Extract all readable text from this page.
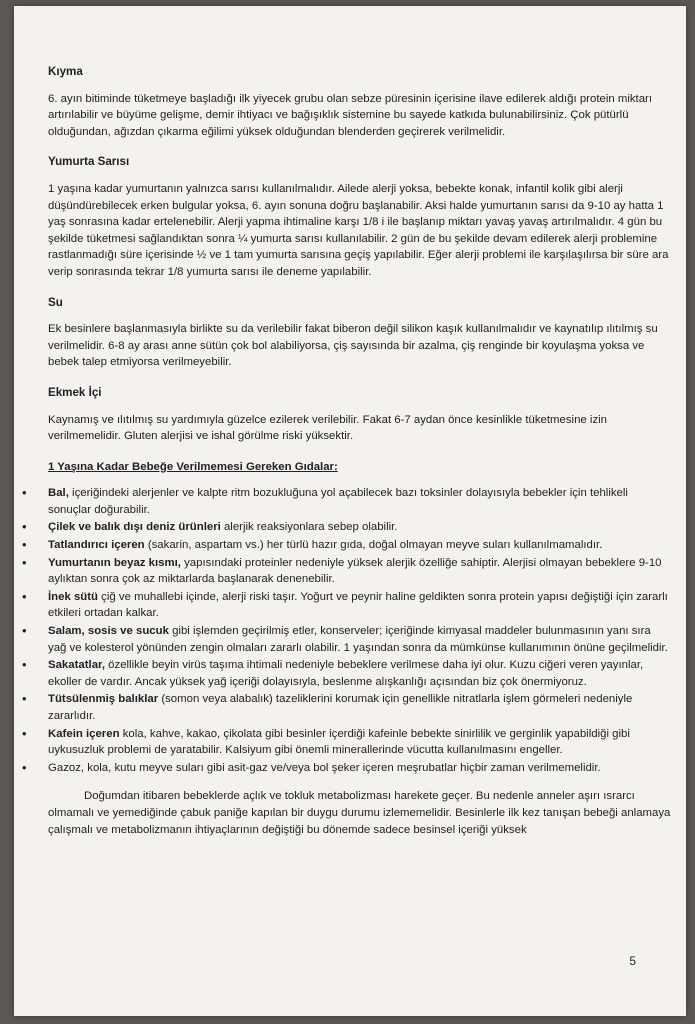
Kıyma

6. ayın bitiminde tüketmeye başladığı ilk yiyecek grubu olan sebze püresinin içerisine ilave edilerek aldığı protein miktarı artırılabilir ve büyüme gelişme, demir ihtiyacı ve bağışıklık sistemine bu sayede katkıda bulunabilirsiniz. Çok pütürlü olduğundan, ağızdan çıkarma eğilimi yüksek olduğundan blenderden geçirerek verilmelidir.

Yumurta Sarısı

1 yaşına kadar yumurtanın yalnızca sarısı kullanılmalıdır. Ailede alerji yoksa, bebekte konak, infantil kolik gibi alerji düşündürebilecek erken bulgular yoksa, 6. ayın sonuna doğru başlanabilir. Aksi halde yumurtanın sarısı da 9-10 ay hatta 1 yaş sonrasına kadar ertelenebilir. Alerji yapma ihtimaline karşı 1/8 i ile başlanıp miktarı yavaş yavaş artırılmalıdır. 4 gün bu şekilde tüketmesi sağlandıktan sonra ¼ yumurta sarısı kullanılabilir. 2 gün de bu şekilde devam edilerek alerji problemine rastlanmadığı süre içerisinde ½ ve 1 tam yumurta sarısına geçiş yapılabilir. Eğer alerji problemi ile karşılaşılırsa bir süre ara verip sonrasında tekrar 1/8 yumurta sarısı ile deneme yapılabilir.

Su

Ek besinlere başlanmasıyla birlikte su da verilebilir fakat biberon değil silikon kaşık kullanılmalıdır ve kaynatılıp ılıtılmış su verilmelidir. 6-8 ay arası anne sütün çok bol alabiliyorsa, çiş sayısında bir azalma, çiş renginde bir koyulaşma yoksa ve bebek talep etmiyorsa verilmeyebilir.

Ekmek İçi

Kaynamış ve ılıtılmış su yardımıyla güzelce ezilerek verilebilir. Fakat 6-7 aydan önce kesinlikle tüketmesine izin verilmemelidir. Gluten alerjisi ve ishal görülme riski yüksektir.

1 Yaşına Kadar Bebeğe Verilmemesi Gereken Gıdalar:
• Bal, içeriğindeki alerjenler ve kalpte ritm bozukluğuna yol açabilecek bazı toksinler dolayısıyla bebekler için tehlikeli sonuçlar doğurabilir.
• Çilek ve balık dışı deniz ürünleri alerjik reaksiyonlara sebep olabilir.
• Tatlandırıcı içeren (sakarin, aspartam vs.) her türlü hazır gıda, doğal olmayan meyve suları kullanılmamalıdır.
• Yumurtanın beyaz kısmı, yapısındaki proteinler nedeniyle yüksek alerjik özelliğe sahiptir. Alerjisi olmayan bebeklere 9-10 aylıktan sonra çok az miktarlarda başlanarak denenebilir.
• İnek sütü çiğ ve muhallebi içinde, alerji riski taşır. Yoğurt ve peynir haline geldikten sonra protein yapısı değiştiği için zararlı etkileri ortadan kalkar.
• Salam, sosis ve sucuk gibi işlemden geçirilmiş etler, konserveler; içeriğinde kimyasal maddeler bulunmasının yanı sıra yağ ve kolesterol yönünden zengin olmaları zararlı olabilir. 1 yaşından sonra da mümkünse kullanımının önüne geçilmelidir.
• Sakatatlar, özellikle beyin virüs taşıma ihtimali nedeniyle bebeklere verilmese daha iyi olur. Kuzu ciğeri veren yayınlar, ekoller de vardır. Ancak yüksek yağ içeriği dolayısıyla, beslenme alışkanlığı açısından biz çok önermiyoruz.
• Tütsülenmiş balıklar (somon veya alabalık) tazeliklerini korumak için genellikle nitratlarla işlem görmeleri nedeniyle zararlıdır.
• Kafein içeren kola, kahve, kakao, çikolata gibi besinler içerdiği kafeinle bebekte sinirlilik ve gerginlik yapabildiği gibi uykusuzluk problemi de yaratabilir. Kalsiyum gibi önemli minerallerinde vücutta kullanılmasını engeller.
• Gazoz, kola, kutu meyve suları gibi asit-gaz ve/veya bol şeker içeren meşrubatlar hiçbir zaman verilmemelidir.

Doğumdan itibaren bebeklerde açlık ve tokluk metabolizması harekete geçer. Bu nedenle anneler aşırı ısrarcı olmamalı ve yemediğinde çabuk paniğe kapılan bir duygu durumu izlememelidir. Besinlerle ilk kez tanışan bebeği anlamaya çalışmalı ve metabolizmanın ihtiyaçlarının değiştiği bu dönemde sadece besinsel içeriği yüksek

5
